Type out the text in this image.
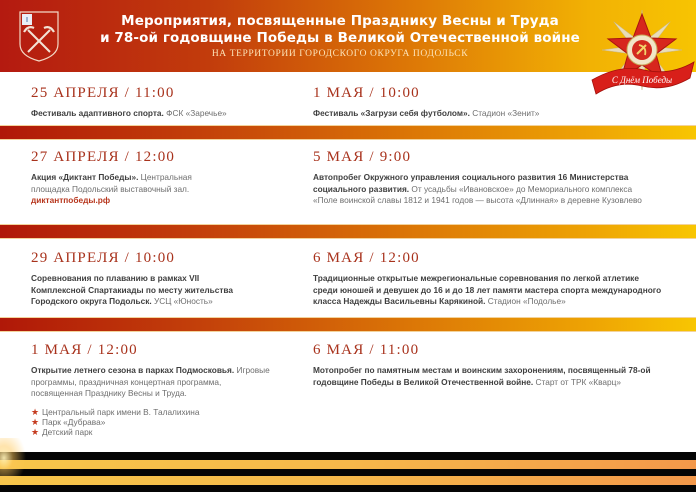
Мероприятия, посвященные Празднику Весны и Труда
и 78-ой годовщине Победы в Великой Отечественной войне
НА ТЕРРИТОРИИ ГОРОДСКОГО ОКРУГА ПОДОЛЬСК
С Днём Победы
25 АПРЕЛЯ / 11:00
Фестиваль адаптивного спорта. ФСК «Заречье»
1 МАЯ / 10:00
Фестиваль «Загрузи себя футболом». Стадион «Зенит»
27 АПРЕЛЯ / 12:00
Акция «Диктант Победы». Центральная площадка Подольский выставочный зал.
диктантпобеды.рф
5 МАЯ / 9:00
Автопробег Окружного управления социального развития 16 Министерства социального развития. От усадьбы «Ивановское» до Мемориального комплекса «Поле воинской славы 1812 и 1941 годов — высота «Длинная» в деревне Кузовлево
29 АПРЕЛЯ / 10:00
Соревнования по плаванию в рамках VII Комплексной Спартакиады по месту жительства Городского округа Подольск. УСЦ «Юность»
6 МАЯ / 12:00
Традиционные открытые межрегиональные соревнования по легкой атлетике среди юношей и девушек до 16 и до 18 лет памяти мастера спорта международного класса Надежды Васильевны Карякиной. Стадион «Подолье»
1 МАЯ / 12:00
Открытие летнего сезона в парках Подмосковья. Игровые программы, праздничная концертная программа, посвященная Празднику Весны и Труда.
★ Центральный парк имени В. Талалихина
★ Парк «Дубрава»
★ Детский парк
6 МАЯ / 11:00
Мотопробег по памятным местам и воинским захоронениям, посвященный 78-ой годовщине Победы в Великой Отечественной войне. Старт от ТРК «Кварц»
